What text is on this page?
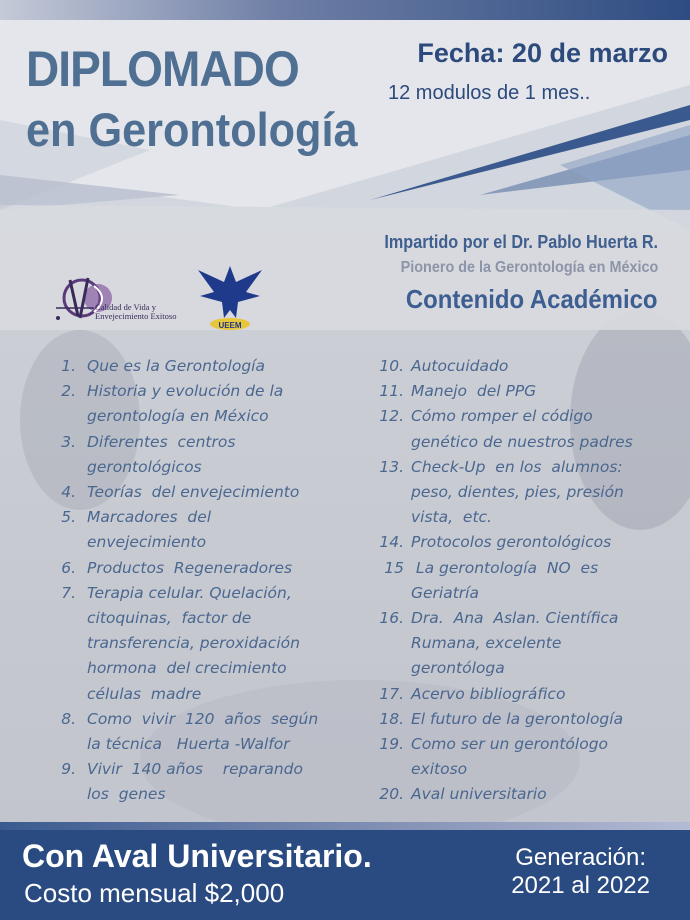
DIPLOMADO
en Gerontología
Fecha: 20 de marzo
12 modulos de 1 mes..
Impartido por el Dr. Pablo Huerta R.
Pionero de la Gerontología en México
Contenido Académico
Calidad de Vida y
Envejecimiento Exitoso
UEEM
1. Que es la Gerontología
2. Historia y evolución de la
gerontología en México
3. Diferentes  centros
gerontológicos
4. Teorías  del envejecimiento
5. Marcadores  del
envejecimiento
6. Productos  Regeneradores
7. Terapia celular. Quelación,
citoquinas,  factor de
transferencia, peroxidación
hormona  del crecimiento
células  madre
8. Como  vivir  120  años  según
la técnica   Huerta -Walfor
9. Vivir  140 años    reparando
los  genes
10. Autocuidado
11. Manejo  del PPG
12. Cómo romper el código
genético de nuestros padres
13. Check-Up  en los  alumnos:
peso, dientes, pies, presión
vista,  etc.
14. Protocolos gerontológicos
15 La gerontología  NO  es
Geriatría
16. Dra.  Ana  Aslan. Científica
Rumana, excelente
gerontóloga
17. Acervo bibliográfico
18. El futuro de la gerontología
19. Como ser un gerontólogo
exitoso
20. Aval universitario
Con Aval Universitario.
Costo mensual $2,000
Generación:
2021 al 2022
